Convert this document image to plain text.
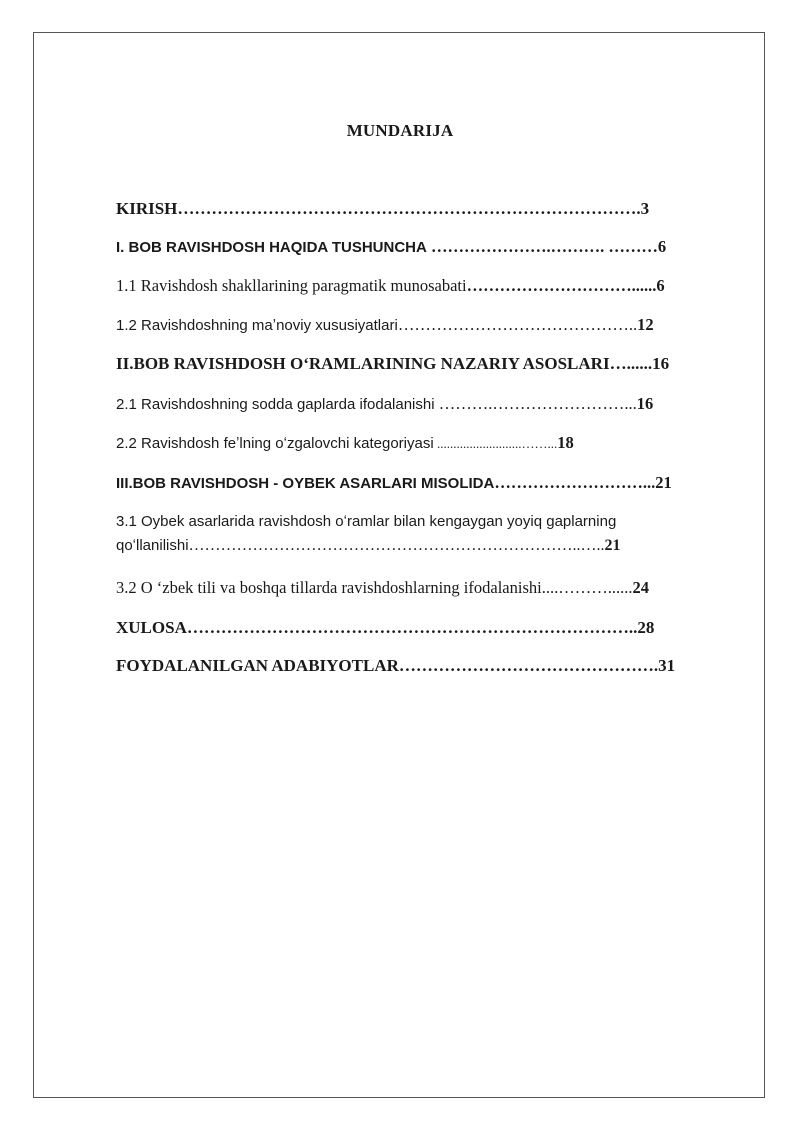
MUNDARIJA
KIRISH……………………………………………………………………….3
I. BOB RAVISHDOSH HAQIDA TUSHUNCHA ………………….………. ………6
1.1 Ravishdosh shakllarining paragmatik munosabati…………………………......6
1.2 Ravishdoshning maʼnoviy xususiyatlari……………………………………..12
II.BOB RAVISHDOSH O‘RAMLARINING NAZARIY ASOSLARI…......16
2.1 Ravishdoshning sodda gaplarda ifodalanishi ……….……………………...16
2.2 Ravishdosh feʼlning oʻzgalovchi kategoriyasi ..........................……...18
III.BOB RAVISHDOSH - OYBEK ASARLARI MISOLIDA………………………...21
3.1 Oybek asarlarida ravishdosh oʻramlar bilan kengaygan yoyiq gaplarning
qoʻllanilishi………………………………………………………………..…..21
3.2 O ‘zbek tili va boshqa tillarda ravishdoshlarning ifodalanishi....………......24
XULOSA……………………………………………………………………..28
FOYDALANILGAN ADABIYOTLAR……………………………………….31
